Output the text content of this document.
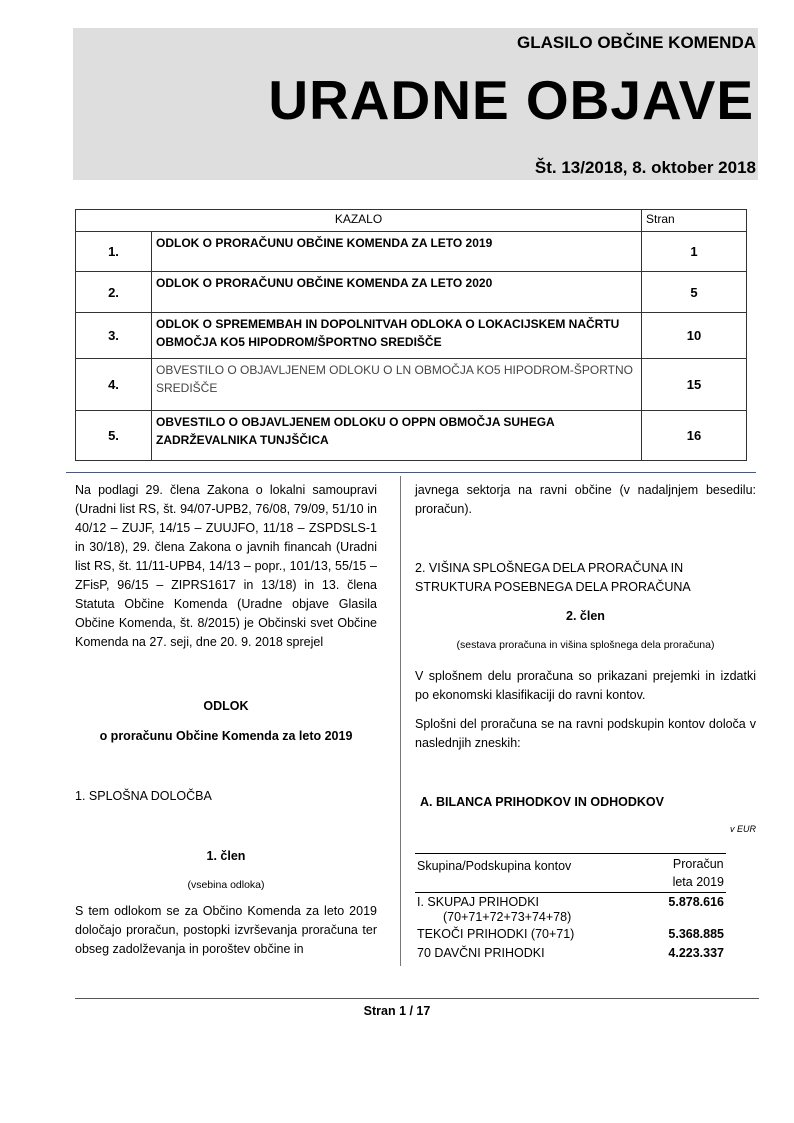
GLASILO OBČINE KOMENDA
URADNE OBJAVE
Št. 13/2018, 8. oktober 2018
KAZALO		Stran
1.	ODLOK O PRORAČUNU OBČINE KOMENDA ZA LETO 2019	1
2.	ODLOK O PRORAČUNU OBČINE KOMENDA ZA LETO 2020	5
3.	ODLOK O SPREMEMBAH IN DOPOLNITVAH ODLOKA O LOKACIJSKEM NAČRTU OBMOČJA KO5 HIPODROM/ŠPORTNO SREDIŠČE	10
4.	OBVESTILO O OBJAVLJENEM ODLOKU O LN OBMOČJA KO5 HIPODROM-ŠPORTNO SREDIŠČE	15
5.	OBVESTILO O OBJAVLJENEM ODLOKU O OPPN OBMOČJA SUHEGA ZADRŽEVALNIKA TUNJŠČICA	16

Na podlagi 29. člena Zakona o lokalni samoupravi (Uradni list RS, št. 94/07-UPB2, 76/08, 79/09, 51/10 in 40/12 – ZUJF, 14/15 – ZUUJFO, 11/18 – ZSPDSLS-1 in 30/18), 29. člena Zakona o javnih financah (Uradni list RS, št. 11/11-UPB4, 14/13 – popr., 101/13, 55/15 – ZFisP, 96/15 – ZIPRS1617 in 13/18) in 13. člena Statuta Občine Komenda (Uradne objave Glasila Občine Komenda, št. 8/2015) je Občinski svet Občine Komenda na 27. seji, dne 20. 9. 2018 sprejel

ODLOK

o proračunu Občine Komenda za leto 2019

1. SPLOŠNA DOLOČBA

1. člen

(vsebina odloka)

S tem odlokom se za Občino Komenda za leto 2019 določajo proračun, postopki izvrševanja proračuna ter obseg zadolževanja in poroštev občine in

javnega sektorja na ravni občine (v nadaljnjem besedilu: proračun).

2. VIŠINA SPLOŠNEGA DELA PRORAČUNA IN STRUKTURA POSEBNEGA DELA PRORAČUNA

2. člen

(sestava proračuna in višina splošnega dela proračuna)

V splošnem delu proračuna so prikazani prejemki in izdatki po ekonomski klasifikaciji do ravni kontov.

Splošni del proračuna se na ravni podskupin kontov določa v naslednjih zneskih:

A. BILANCA PRIHODKOV IN ODHODKOV

v EUR

Skupina/Podskupina kontov	Proračun
leta 2019
I. SKUPAJ PRIHODKI	5.878.616
(70+71+72+73+74+78)
TEKOČI PRIHODKI (70+71)	5.368.885
70 DAVČNI PRIHODKI	4.223.337
Stran 1 / 17
